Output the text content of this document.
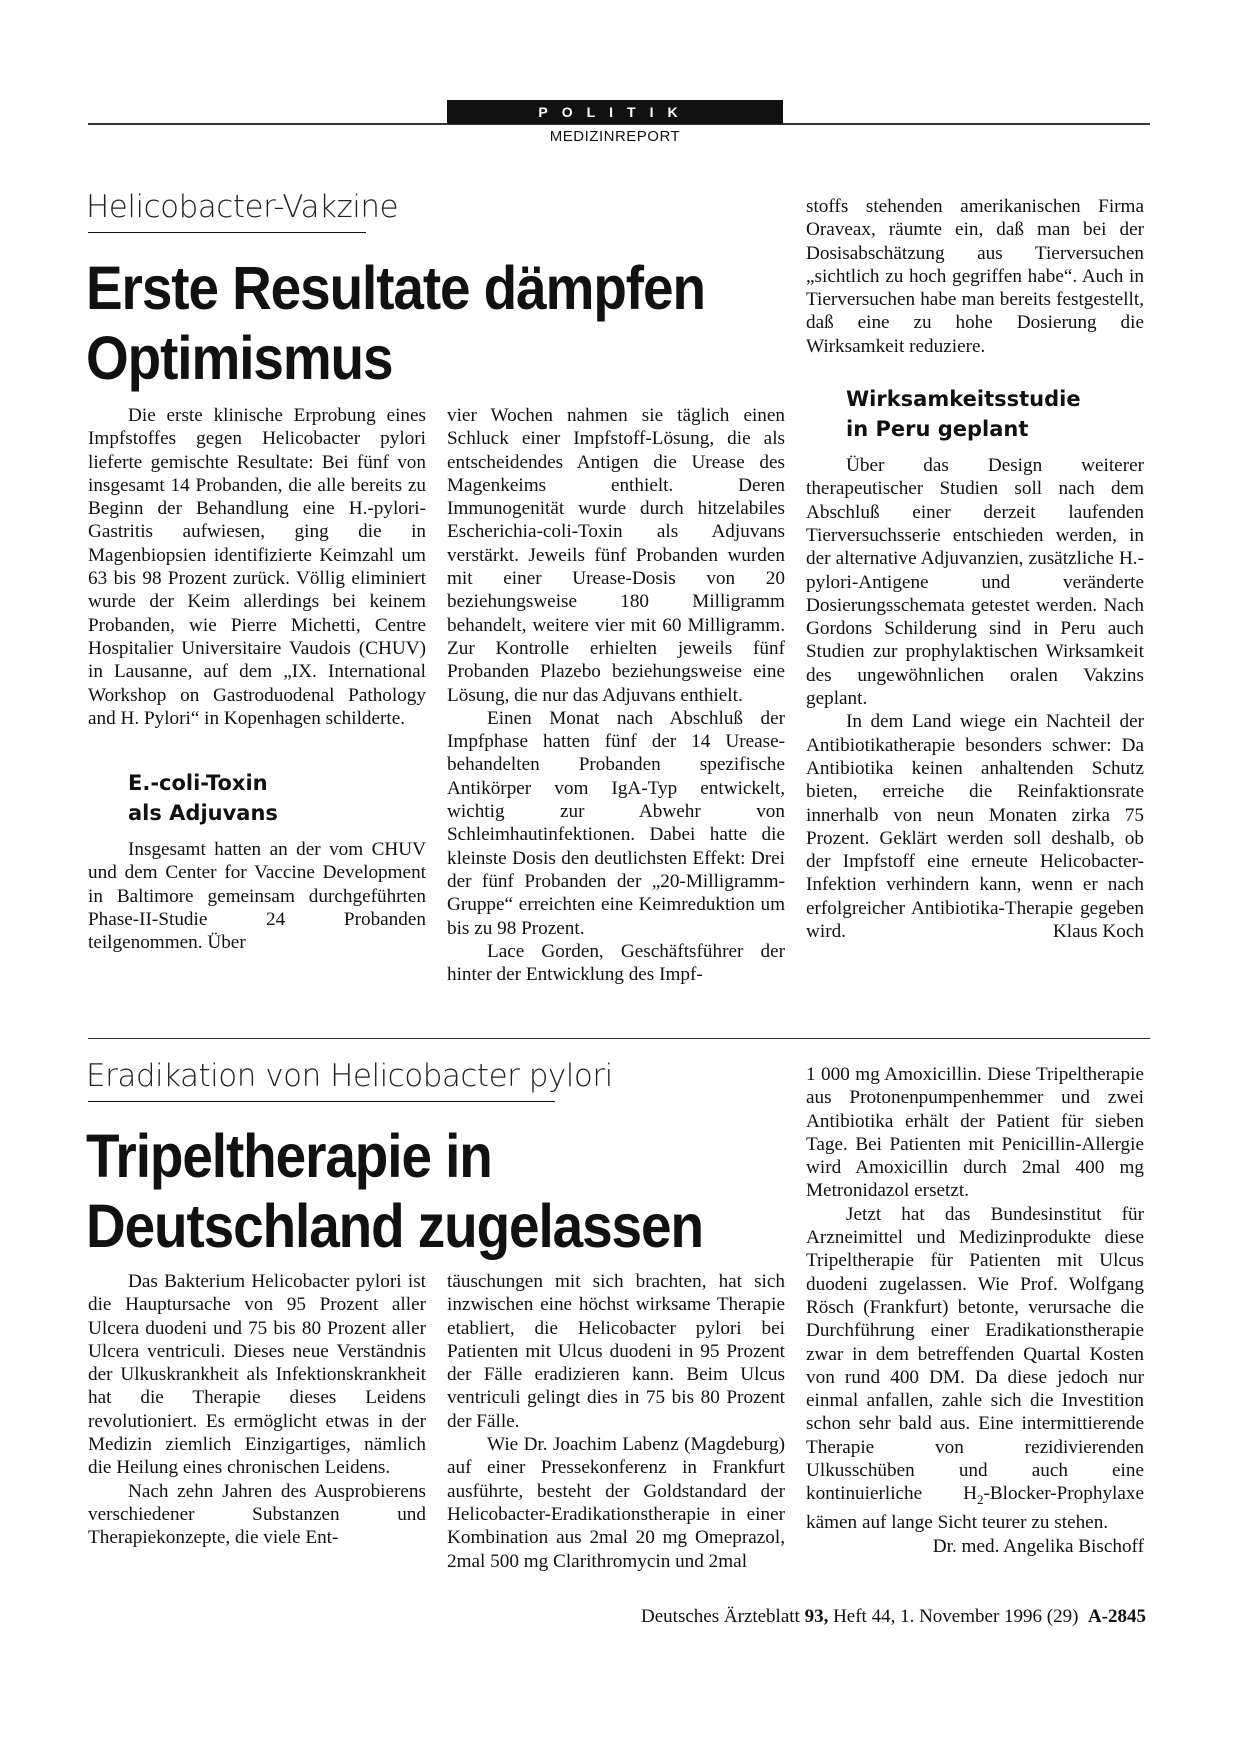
POLITIK
MEDIZINREPORT
Helicobacter-Vakzine
Erste Resultate dämpfen
Optimismus

Die erste klinische Erprobung eines Impfstoffes gegen Helicobacter pylori lieferte gemischte Resultate: Bei fünf von insgesamt 14 Probanden, die alle bereits zu Beginn der Behandlung eine H.-pylori-Gastritis aufwiesen, ging die in Magenbiopsien identifizierte Keimzahl um 63 bis 98 Prozent zurück. Völlig eliminiert wurde der Keim allerdings bei keinem Probanden, wie Pierre Michetti, Centre Hospitalier Universitaire Vaudois (CHUV) in Lausanne, auf dem „IX. International Workshop on Gastroduodenal Pathology and H. Pylori“ in Kopenhagen schilderte.

E.-coli-Toxin
als Adjuvans

Insgesamt hatten an der vom CHUV und dem Center for Vaccine Development in Baltimore gemeinsam durchgeführten Phase-II-Studie 24 Probanden teilgenommen. Über

vier Wochen nahmen sie täglich einen Schluck einer Impfstoff-Lösung, die als entscheidendes Antigen die Urease des Magenkeims enthielt. Deren Immunogenität wurde durch hitzelabiles Escherichia-coli-Toxin als Adjuvans verstärkt. Jeweils fünf Probanden wurden mit einer Urease-Dosis von 20 beziehungsweise 180 Milligramm behandelt, weitere vier mit 60 Milligramm. Zur Kontrolle erhielten jeweils fünf Probanden Plazebo beziehungsweise eine Lösung, die nur das Adjuvans enthielt.

Einen Monat nach Abschluß der Impfphase hatten fünf der 14 Urease-behandelten Probanden spezifische Antikörper vom IgA-Typ entwickelt, wichtig zur Abwehr von Schleimhautinfektionen. Dabei hatte die kleinste Dosis den deutlichsten Effekt: Drei der fünf Probanden der „20-Milligramm-Gruppe“ erreichten eine Keimreduktion um bis zu 98 Prozent.

Lace Gorden, Geschäftsführer der hinter der Entwicklung des Impf-

stoffs stehenden amerikanischen Firma Oraveax, räumte ein, daß man bei der Dosisabschätzung aus Tierversuchen „sichtlich zu hoch gegriffen habe“. Auch in Tierversuchen habe man bereits festgestellt, daß eine zu hohe Dosierung die Wirksamkeit reduziere.

Wirksamkeitsstudie
in Peru geplant

Über das Design weiterer therapeutischer Studien soll nach dem Abschluß einer derzeit laufenden Tierversuchsserie entschieden werden, in der alternative Adjuvanzien, zusätzliche H.-pylori-Antigene und veränderte Dosierungsschemata getestet werden. Nach Gordons Schilderung sind in Peru auch Studien zur prophylaktischen Wirksamkeit des ungewöhnlichen oralen Vakzins geplant.

In dem Land wiege ein Nachteil der Antibiotikatherapie besonders schwer: Da Antibiotika keinen anhaltenden Schutz bieten, erreiche die Reinfaktionsrate innerhalb von neun Monaten zirka 75 Prozent. Geklärt werden soll deshalb, ob der Impfstoff eine erneute Helicobacter-Infektion verhindern kann, wenn er nach erfolgreicher Antibiotika-Therapie gegeben wird.	Klaus Koch

Eradikation von Helicobacter pylori
Tripeltherapie in
Deutschland zugelassen

Das Bakterium Helicobacter pylori ist die Hauptursache von 95 Prozent aller Ulcera duodeni und 75 bis 80 Prozent aller Ulcera ventriculi. Dieses neue Verständnis der Ulkuskrankheit als Infektionskrankheit hat die Therapie dieses Leidens revolutioniert. Es ermöglicht etwas in der Medizin ziemlich Einzigartiges, nämlich die Heilung eines chronischen Leidens.

Nach zehn Jahren des Ausprobierens verschiedener Substanzen und Therapiekonzepte, die viele Ent-

täuschungen mit sich brachten, hat sich inzwischen eine höchst wirksame Therapie etabliert, die Helicobacter pylori bei Patienten mit Ulcus duodeni in 95 Prozent der Fälle eradizieren kann. Beim Ulcus ventriculi gelingt dies in 75 bis 80 Prozent der Fälle.

Wie Dr. Joachim Labenz (Magdeburg) auf einer Pressekonferenz in Frankfurt ausführte, besteht der Goldstandard der Helicobacter-Eradikationstherapie in einer Kombination aus 2mal 20 mg Omeprazol, 2mal 500 mg Clarithromycin und 2mal

1 000 mg Amoxicillin. Diese Tripeltherapie aus Protonenpumpenhemmer und zwei Antibiotika erhält der Patient für sieben Tage. Bei Patienten mit Penicillin-Allergie wird Amoxicillin durch 2mal 400 mg Metronidazol ersetzt.

Jetzt hat das Bundesinstitut für Arzneimittel und Medizinprodukte diese Tripeltherapie für Patienten mit Ulcus duodeni zugelassen. Wie Prof. Wolfgang Rösch (Frankfurt) betonte, verursache die Durchführung einer Eradikationstherapie zwar in dem betreffenden Quartal Kosten von rund 400 DM. Da diese jedoch nur einmal anfallen, zahle sich die Investition schon sehr bald aus. Eine intermittierende Therapie von rezidivierenden Ulkusschüben und auch eine kontinuierliche $H_2-Blocker$-Prophylaxe kämen auf lange Sicht teurer zu stehen.
Dr. med. Angelika Bischoff

Deutsches Ärzteblatt 93, Heft 44, 1. November 1996 (29) A-2845
